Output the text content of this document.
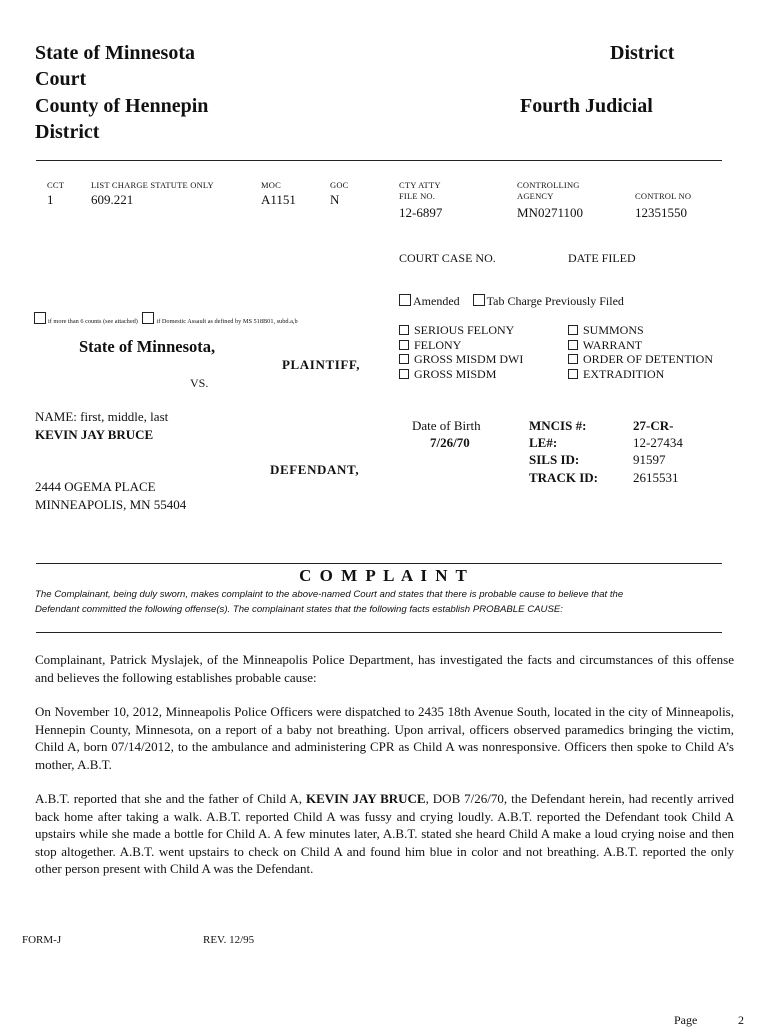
State of Minnesota	District
Court
County of Hennepin	Fourth Judicial
District
CCT
1
LIST CHARGE STATUTE ONLY
609.221
MOC
A1151
GOC
N
CTY ATTY
FILE NO.
12-6897
CONTROLLING
AGENCY
MN0271100
CONTROL NO
12351550
COURT CASE NO.	DATE FILED
if more than 6 counts (see attached)	if Domestic Assault as defined by MS 518B01, subd.a,b
Amended Tab Charge Previously Filed
SERIOUS FELONY
FELONY
GROSS MISDM DWI
GROSS MISDM
SUMMONS
WARRANT
ORDER OF DETENTION
EXTRADITION
State of Minnesota,
PLAINTIFF,
VS.
NAME: first, middle, last
KEVIN JAY BRUCE
DEFENDANT,
2444 OGEMA PLACE
MINNEAPOLIS, MN 55404
Date of Birth
7/26/70
MNCIS #:	27-CR-
LE#:	12-27434
SILS ID:	91597
TRACK ID:	2615531
C O M P L A I N T
The Complainant, being duly sworn, makes complaint to the above-named Court and states that there is probable cause to believe that the
Defendant committed the following offense(s). The complainant states that the following facts establish PROBABLE CAUSE:
Complainant, Patrick Myslajek, of the Minneapolis Police Department, has investigated the facts and circumstances of this offense and believes the following establishes probable cause:
On November 10, 2012, Minneapolis Police Officers were dispatched to 2435 18th Avenue South, located in the city of Minneapolis, Hennepin County, Minnesota, on a report of a baby not breathing. Upon arrival, officers observed paramedics bringing the victim, Child A, born 07/14/2012, to the ambulance and administering CPR as Child A was nonresponsive. Officers then spoke to Child A’s mother, A.B.T.
A.B.T. reported that she and the father of Child A, KEVIN JAY BRUCE, DOB 7/26/70, the Defendant herein, had recently arrived back home after taking a walk. A.B.T. reported Child A was fussy and crying loudly. A.B.T. reported the Defendant took Child A upstairs while she made a bottle for Child A. A few minutes later, A.B.T. stated she heard Child A make a loud crying noise and then stop altogether. A.B.T. went upstairs to check on Child A and found him blue in color and not breathing. A.B.T. reported the only other person present with Child A was the Defendant.
FORM-J	REV. 12/95
Page	2
